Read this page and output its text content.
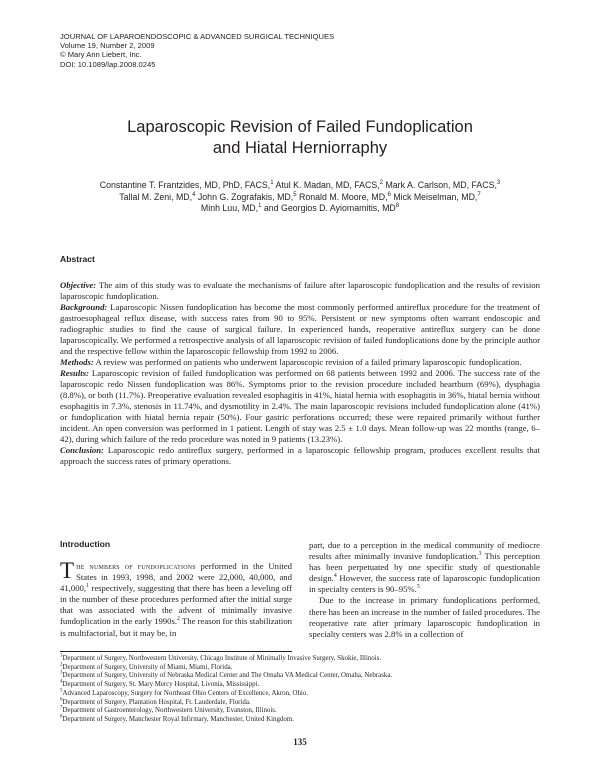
JOURNAL OF LAPAROENDOSCOPIC & ADVANCED SURGICAL TECHNIQUES
Volume 19, Number 2, 2009
© Mary Ann Liebert, Inc.
DOI: 10.1089/lap.2008.0245
Laparoscopic Revision of Failed Fundoplication
and Hiatal Herniorraphy
Constantine T. Frantzides, MD, PhD, FACS,$^1$ Atul K. Madan, MD, FACS,$^2$ Mark A. Carlson, MD, FACS,$^3$
Tallal M. Zeni, MD,$^4$ John G. Zografakis, MD,$^5$ Ronald M. Moore, MD,$^6$ Mick Meiselman, MD,$^7$
Minh Luu, MD,$^1$ and Georgios D. Ayiomamitis, $MD^8$
Abstract

Objective: The aim of this study was to evaluate the mechanisms of failure after laparoscopic fundoplication and the results of revision laparoscopic fundoplication.

Background: Laparoscopic Nissen fundoplication has become the most commonly performed antireflux procedure for the treatment of gastroesophageal reflux disease, with success rates from 90 to 95%. Persistent or new symptoms often warrant endoscopic and radiographic studies to find the cause of surgical failure. In experienced hands, reoperative antireflux surgery can be done laparoscopically. We performed a retrospective analysis of all laparoscopic revision of failed fundoplications done by the principle author and the respective fellow within the laparoscopic fellowship from 1992 to 2006.

Methods: A review was performed on patients who underwent laparoscopic revision of a failed primary laparoscopic fundoplication.

Results: Laparoscopic revision of failed fundoplication was performed on 68 patients between 1992 and 2006. The success rate of the laparoscopic redo Nissen fundoplication was 86%. Symptoms prior to the revision procedure included heartburn (69%), dysphagia (8.8%), or both (11.7%). Preoperative evaluation revealed esophagitis in 41%, hiatal hernia with esophagitis in 36%, hiatal hernia without esophagitis in 7.3%, stenosis in 11.74%, and dysmotility in 2.4%. The main laparoscopic revisions included fundoplication alone (41%) or fundoplication with hiatal hernia repair (50%). Four gastric perforations occurred; these were repaired primarily without further incident. An open conversion was performed in 1 patient. Length of stay was 2.5 ± 1.0 days. Mean follow-up was 22 months (range, 6–42), during which failure of the redo procedure was noted in 9 patients (13.23%).

Conclusion: Laparoscopic redo antireflux surgery, performed in a laparoscopic fellowship program, produces excellent results that approach the success rates of primary operations.

Introduction

The numbers of fundoplications performed in the United States in 1993, 1998, and 2002 were 22,000, 40,000, and 41,000,$^1$ respectively, suggesting that there has been a leveling off in the number of these procedures performed after the initial surge that was associated with the advent of minimally invasive fundoplication in the early 1990s.$^2$ The reason for this stabilization is multifactorial, but it may be, in

part, due to a perception in the medical community of mediocre results after minimally invasive fundoplication.$^3$ This perception has been perpetuated by one specific study of questionable design.$^4$ However, the success rate of laparoscopic fundoplication in specialty centers is 90–95%.$^5$

Due to the increase in primary fundoplications performed, there has been an increase in the number of failed procedures. The reoperative rate after primary laparoscopic fundoplication in specialty centers was 2.8% in a collection of

$^1$Department of Surgery, Northwestern University, Chicago Institute of Minimally Invasive Surgery, Skokie, Illinois.
$^2$Department of Surgery, University of Miami, Miami, Florida.
$^3$Department of Surgery, University of Nebraska Medical Center and The Omaha VA Medical Center, Omaha, Nebraska.
$^4$Department of Surgery, St. Mary Mercy Hospital, Livonia, Mississippi.
$^5$Advanced Laparoscopy, Surgery for Northeast Ohio Centers of Excellence, Akron, Ohio.
$^6$Department of Surgery, Plantation Hospital, Ft. Lauderdale, Florida.
$^7$Department of Gastroenterology, Northwestern University, Evanston, Illinois.
$^8$Department of Surgery, Manchester Royal Infirmary, Manchester, United Kingdom.
135
